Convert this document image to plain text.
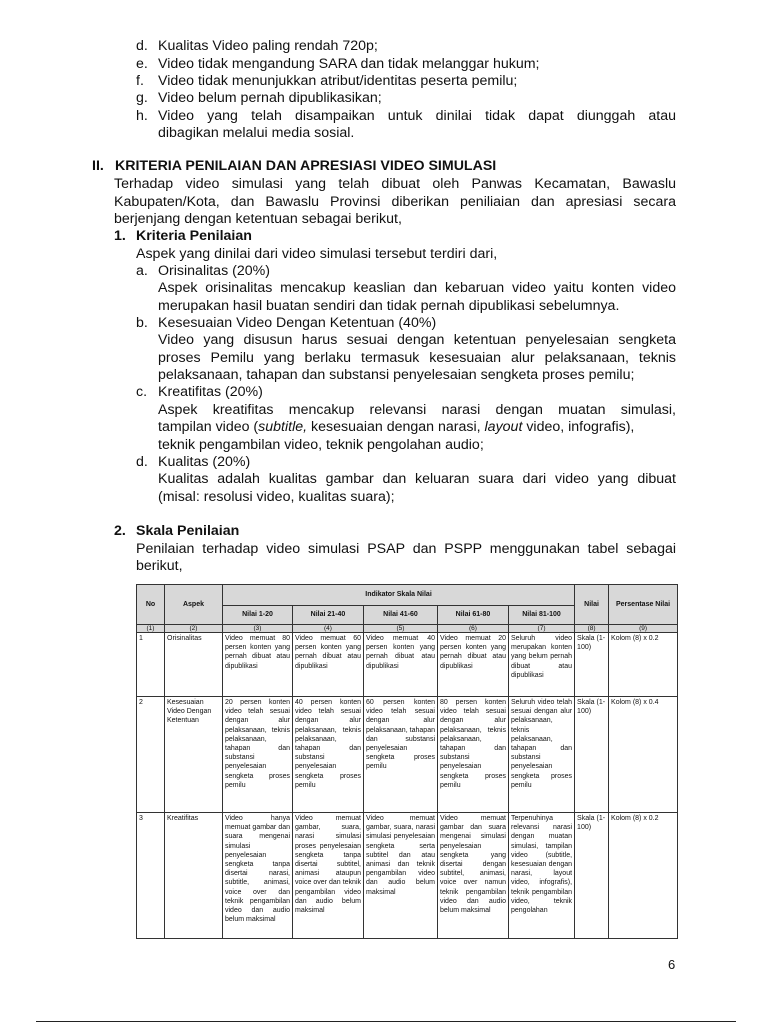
d. Kualitas Video paling rendah 720p;
e. Video tidak mengandung SARA dan tidak melanggar hukum;
f. Video tidak menunjukkan atribut/identitas peserta pemilu;
g. Video belum pernah dipublikasikan;
h. Video yang telah disampaikan untuk dinilai tidak dapat diunggah atau
dibagikan melalui media sosial.
II. KRITERIA PENILAIAN DAN APRESIASI VIDEO SIMULASI
Terhadap video simulasi yang telah dibuat oleh Panwas Kecamatan, Bawaslu
Kabupaten/Kota, dan Bawaslu Provinsi diberikan peniliaian dan apresiasi secara
berjenjang dengan ketentuan sebagai berikut,
1. Kriteria Penilaian
Aspek yang dinilai dari video simulasi tersebut terdiri dari,
a. Orisinalitas (20%)
Aspek orisinalitas mencakup keaslian dan kebaruan video yaitu konten video
merupakan hasil buatan sendiri dan tidak pernah dipublikasi sebelumnya.
b. Kesesuaian Video Dengan Ketentuan (40%)
Video yang disusun harus sesuai dengan ketentuan penyelesaian sengketa
proses Pemilu yang berlaku termasuk kesesuaian alur pelaksanaan, teknis
pelaksanaan, tahapan dan substansi penyelesaian sengketa proses pemilu;
c. Kreatifitas (20%)
Aspek kreatifitas mencakup relevansi narasi dengan muatan simulasi,
tampilan video (subtitle, kesesuaian dengan narasi, layout video, infografis),
teknik pengambilan video, teknik pengolahan audio;
d. Kualitas (20%)
Kualitas adalah kualitas gambar dan keluaran suara dari video yang dibuat
(misal: resolusi video, kualitas suara);
2. Skala Penilaian
Penilaian terhadap video simulasi PSAP dan PSPP menggunakan tabel sebagai
berikut,
No	Aspek	Indikator Skala Nilai					Nilai	Persentase Nilai
		Nilai 1-20	Nilai 21-40	Nilai 41-60	Nilai 61-80	Nilai 81-100		
(1)	(2)	(3)	(4)	(5)	(6)	(7)	(8)	(9)
1	Orisinalitas	Video memuat 80 persen konten yang pernah dibuat atau dipublikasi	Video memuat 60 persen konten yang pernah dibuat atau dipublikasi	Video memuat 40 persen konten yang pernah dibuat atau dipublikasi	Video memuat 20 persen konten yang pernah dibuat atau dipublikasi	Seluruh video merupakan konten yang belum pernah dibuat atau dipublikasi	Skala (1-100)	Kolom (8) x 0.2
2	Kesesuaian Video Dengan Ketentuan	20 persen konten video telah sesuai dengan alur pelaksanaan, teknis pelaksanaan, tahapan dan substansi penyelesaian sengketa proses pemilu	40 persen konten video telah sesuai dengan alur pelaksanaan, teknis pelaksanaan, tahapan dan substansi penyelesaian sengketa proses pemilu	60 persen konten video telah sesuai dengan alur pelaksanaan, tahapan dan substansi penyelesaian sengketa proses pemilu	80 persen konten video telah sesuai dengan alur pelaksanaan, teknis pelaksanaan, tahapan dan substansi penyelesaian sengketa proses pemilu	Seluruh video telah sesuai dengan alur pelaksanaan, teknis pelaksanaan, tahapan dan substansi penyelesaian sengketa proses pemilu	Skala (1-100)	Kolom (8) x 0.4
3	Kreatifitas	Video hanya memuat gambar dan suara mengenai simulasi penyelesaian sengketa tanpa disertai narasi, subtitle, animasi, voice over dan teknik pengambilan video dan audio belum maksimal	Video memuat gambar, suara, narasi simulasi proses penyelesaian sengketa tanpa disertai subtitel, animasi ataupun voice over dan teknik pengambilan video dan audio belum maksimal	Video memuat gambar, suara, narasi simulasi penyelesaian sengketa serta subtitel dan atau animasi dan teknik pengambilan video dan audio belum maksimal	Video memuat gambar dan suara mengenai simulasi penyelesaian sengketa yang disertai dengan subtitel, animasi, voice over namun teknik pengambilan video dan audio belum maksimal	Terpenuhinya relevansi narasi dengan muatan simulasi, tampilan video (subtitle, kesesuaian dengan narasi, layout video, infografis), teknik pengambilan video, teknik pengolahan	Skala (1-100)	Kolom (8) x 0.2
6
